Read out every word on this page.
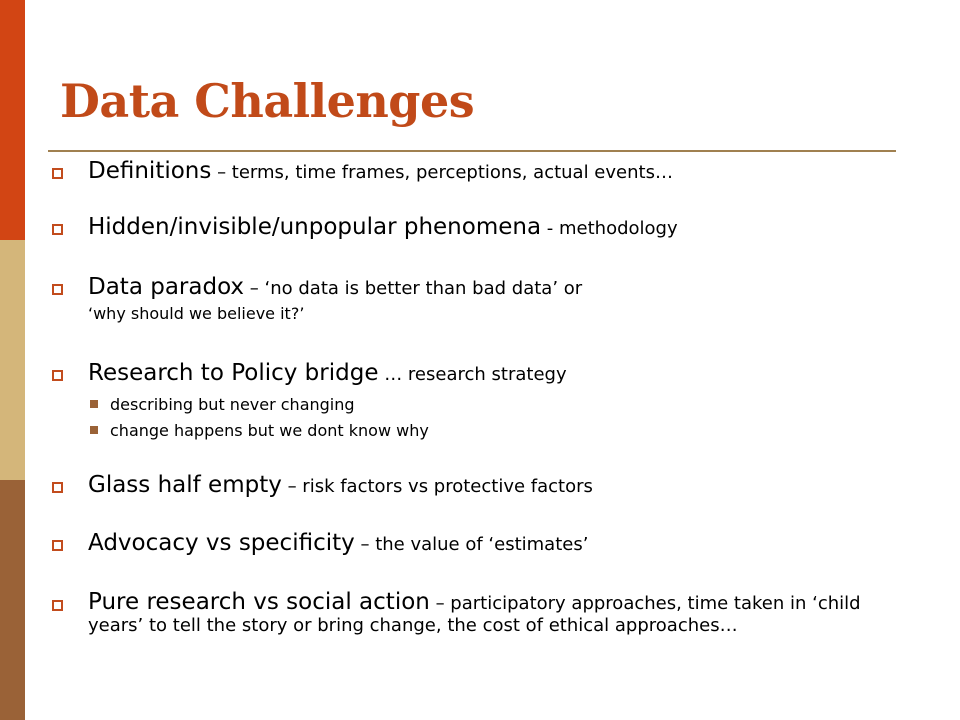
Data Challenges
Definitions – terms, time frames, perceptions, actual events…
Hidden/invisible/unpopular phenomena - methodology
Data paradox – ‘no data is better than bad data’ or
‘why should we believe it?’
Research to Policy bridge … research strategy
describing but never changing
change happens but we dont know why
Glass half empty – risk factors vs protective factors
Advocacy vs specificity – the value of ‘estimates’
Pure research vs social action – participatory approaches, time taken in ‘child years’ to tell the story or bring change, the cost of ethical approaches…
